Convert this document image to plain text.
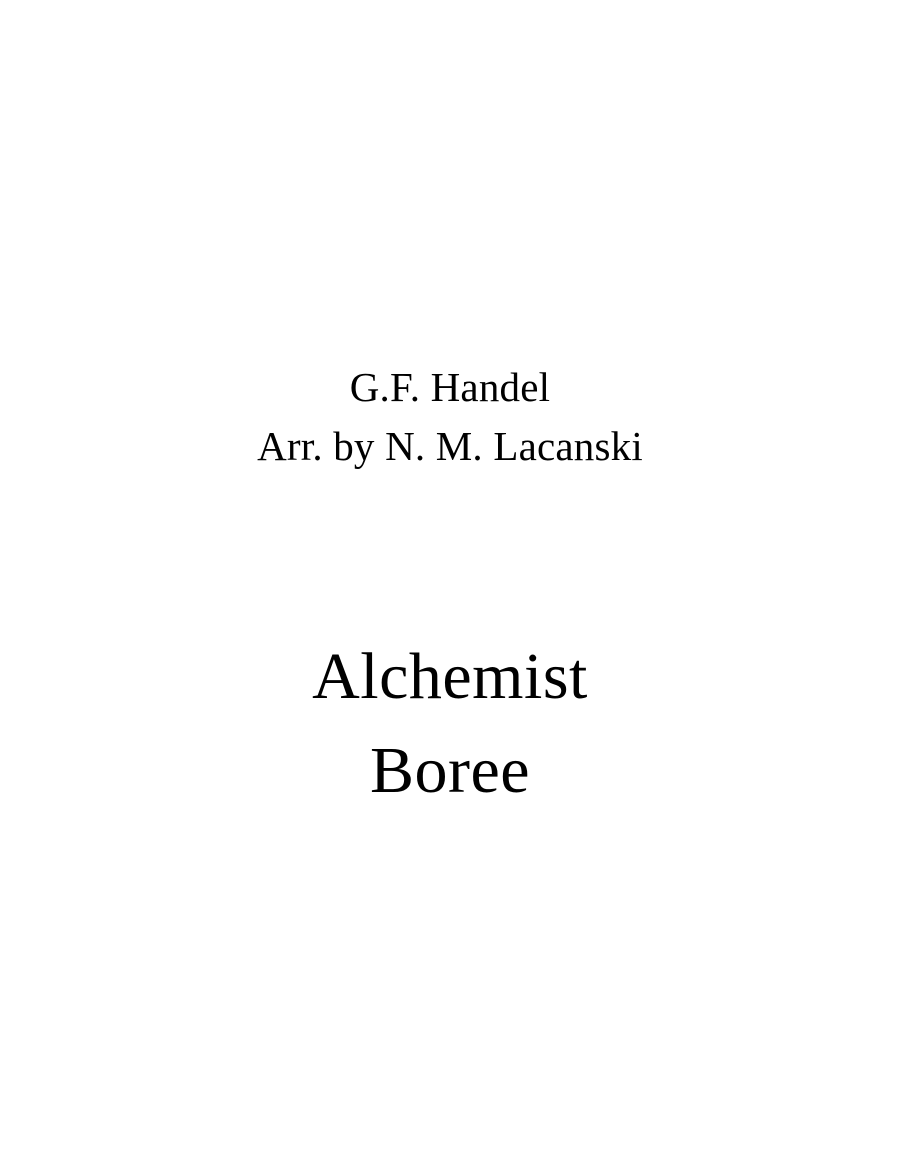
G.F. Handel
Arr. by N. M. Lacanski
Alchemist
Boree
